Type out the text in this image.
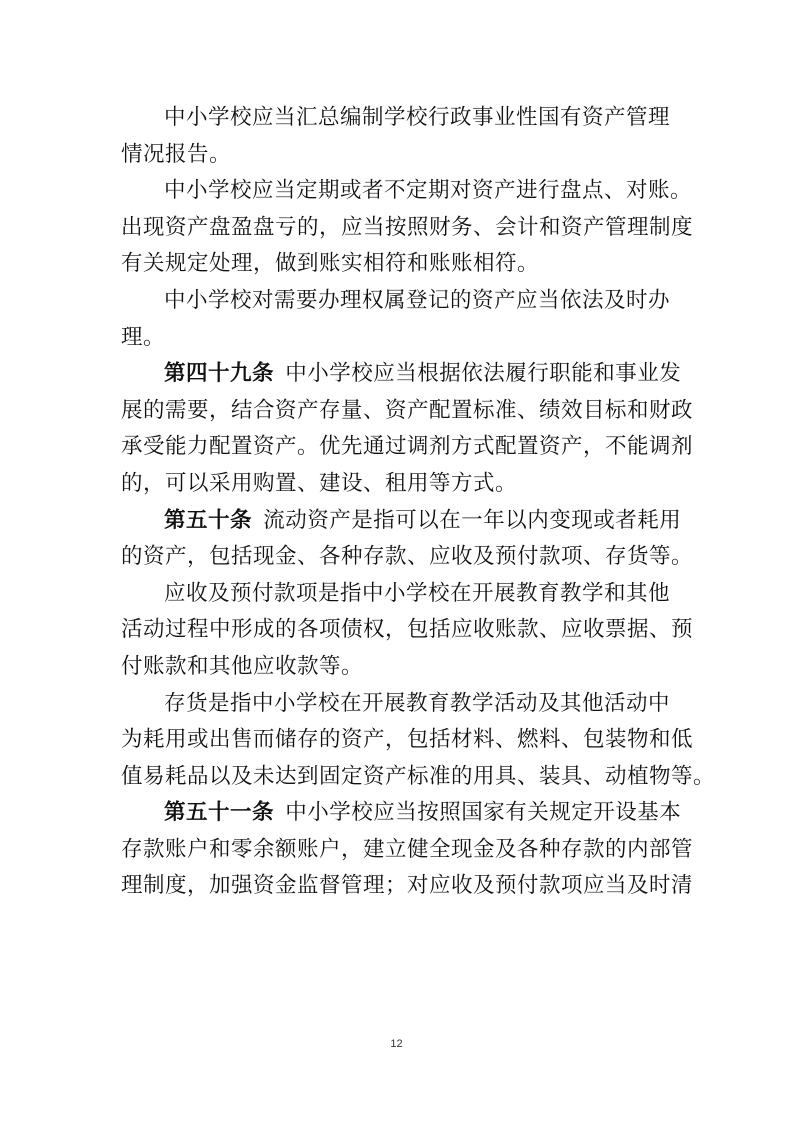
中小学校应当汇总编制学校行政事业性国有资产管理
情况报告。
中小学校应当定期或者不定期对资产进行盘点、对账。
出现资产盘盈盘亏的，应当按照财务、会计和资产管理制度
有关规定处理，做到账实相符和账账相符。
中小学校对需要办理权属登记的资产应当依法及时办
理。
第四十九条  中小学校应当根据依法履行职能和事业发
展的需要，结合资产存量、资产配置标准、绩效目标和财政
承受能力配置资产。优先通过调剂方式配置资产，不能调剂
的，可以采用购置、建设、租用等方式。
第五十条  流动资产是指可以在一年以内变现或者耗用
的资产，包括现金、各种存款、应收及预付款项、存货等。
应收及预付款项是指中小学校在开展教育教学和其他
活动过程中形成的各项债权，包括应收账款、应收票据、预
付账款和其他应收款等。
存货是指中小学校在开展教育教学活动及其他活动中
为耗用或出售而储存的资产，包括材料、燃料、包装物和低
值易耗品以及未达到固定资产标准的用具、装具、动植物等。
第五十一条  中小学校应当按照国家有关规定开设基本
存款账户和零余额账户，建立健全现金及各种存款的内部管
理制度，加强资金监督管理；对应收及预付款项应当及时清
12
